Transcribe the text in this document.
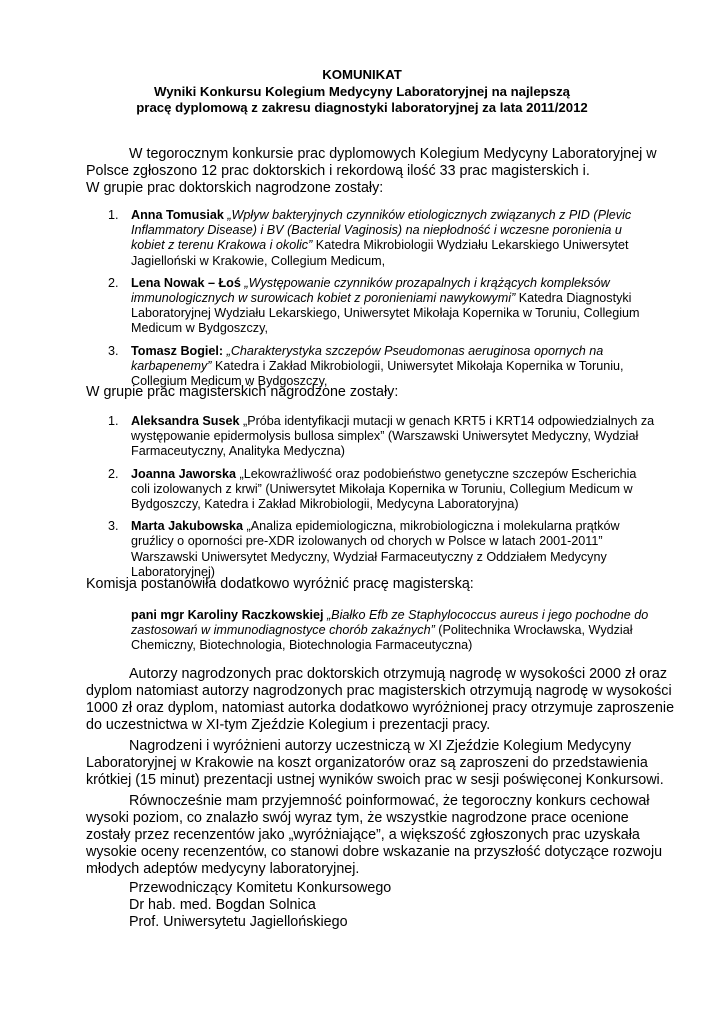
KOMUNIKAT
Wyniki Konkursu Kolegium Medycyny Laboratoryjnej na najlepszą
pracę dyplomową z zakresu diagnostyki laboratoryjnej za lata 2011/2012
W tegorocznym konkursie prac dyplomowych Kolegium Medycyny Laboratoryjnej w
Polsce zgłoszono 12 prac doktorskich i rekordową ilość 33 prac magisterskich i.
W grupie prac doktorskich nagrodzone zostały:
1. Anna Tomusiak „Wpływ bakteryjnych czynników etiologicznych związanych z PID (Plevic
Inflammatory Disease) i BV (Bacterial Vaginosis) na niepłodność i wczesne poronienia u
kobiet z terenu Krakowa i okolic” Katedra Mikrobiologii Wydziału Lekarskiego Uniwersytet
Jagielloński w Krakowie, Collegium Medicum,
2. Lena Nowak – Łoś „Występowanie czynników prozapalnych i krążących kompleksów
immunologicznych w surowicach kobiet z poronieniami nawykowymi” Katedra Diagnostyki
Laboratoryjnej Wydziału Lekarskiego, Uniwersytet Mikołaja Kopernika w Toruniu, Collegium
Medicum w Bydgoszczy,
3. Tomasz Bogiel: „Charakterystyka szczepów Pseudomonas aeruginosa opornych na
karbapenemy” Katedra i Zakład Mikrobiologii, Uniwersytet Mikołaja Kopernika w Toruniu,
Collegium Medicum w Bydgoszczy,
W grupie prac magisterskich nagrodzone zostały:
1. Aleksandra Susek „Próba identyfikacji mutacji w genach KRT5 i KRT14 odpowiedzialnych za
występowanie epidermolysis bullosa simplex” (Warszawski Uniwersytet Medyczny, Wydział
Farmaceutyczny, Analityka Medyczna)
2. Joanna Jaworska „Lekowrażliwość oraz podobieństwo genetyczne szczepów Escherichia
coli izolowanych z krwi” (Uniwersytet Mikołaja Kopernika w Toruniu, Collegium Medicum w
Bydgoszczy, Katedra i Zakład Mikrobiologii, Medycyna Laboratoryjna)
3. Marta Jakubowska „Analiza epidemiologiczna, mikrobiologiczna i molekularna prątków
gruźlicy o oporności pre-XDR izolowanych od chorych w Polsce w latach 2001-2011”
Warszawski Uniwersytet Medyczny, Wydział Farmaceutyczny z Oddziałem Medycyny
Laboratoryjnej)
Komisja postanowiła dodatkowo wyróżnić pracę magisterską:
pani mgr Karoliny Raczkowskiej „Białko Efb ze Staphylococcus aureus i jego pochodne do
zastosowań w immunodiagnostyce chorób zakaźnych” (Politechnika Wrocławska, Wydział
Chemiczny, Biotechnologia, Biotechnologia Farmaceutyczna)
Autorzy nagrodzonych prac doktorskich otrzymują nagrodę w wysokości 2000 zł oraz
dyplom natomiast autorzy nagrodzonych prac magisterskich otrzymują nagrodę w wysokości
1000 zł oraz dyplom, natomiast autorka dodatkowo wyróżnionej pracy otrzymuje zaproszenie
do uczestnictwa w XI-tym Zjeździe Kolegium i prezentacji pracy.
Nagrodzeni i wyróżnieni autorzy uczestniczą w XI Zjeździe Kolegium Medycyny
Laboratoryjnej w Krakowie na koszt organizatorów oraz są zaproszeni do przedstawienia
krótkiej (15 minut) prezentacji ustnej wyników swoich prac w sesji poświęconej Konkursowi.
Równocześnie mam przyjemność poinformować, że tegoroczny konkurs cechował
wysoki poziom, co znalazło swój wyraz tym, że wszystkie nagrodzone prace ocenione
zostały przez recenzentów jako „wyróżniające”, a większość zgłoszonych prac uzyskała
wysokie oceny recenzentów, co stanowi dobre wskazanie na przyszłość dotyczące rozwoju
młodych adeptów medycyny laboratoryjnej.
Przewodniczący Komitetu Konkursowego
Dr hab. med. Bogdan Solnica
Prof. Uniwersytetu Jagiellońskiego
